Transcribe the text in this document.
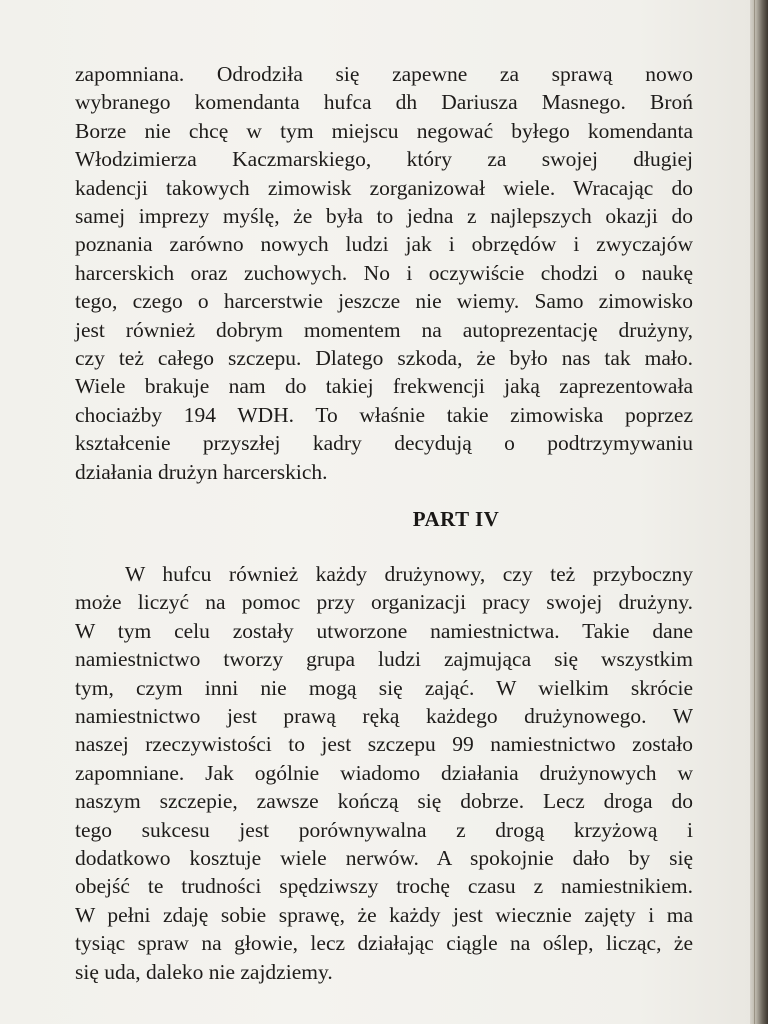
zapomniana. Odrodziła się zapewne za sprawą nowo
wybranego komendanta hufca dh Dariusza Masnego. Broń
Borze nie chcę w tym miejscu negować byłego komendanta
Włodzimierza Kaczmarskiego, który za swojej długiej
kadencji takowych zimowisk zorganizował wiele. Wracając do
samej imprezy myślę, że była to jedna z najlepszych okazji do
poznania zarówno nowych ludzi jak i obrzędów i zwyczajów
harcerskich oraz zuchowych. No i oczywiście chodzi o naukę
tego, czego o harcerstwie jeszcze nie wiemy. Samo zimowisko
jest również dobrym momentem na autoprezentację drużyny,
czy też całego szczepu. Dlatego szkoda, że było nas tak mało.
Wiele brakuje nam do takiej frekwencji jaką zaprezentowała
chociażby 194 WDH. To właśnie takie zimowiska poprzez
kształcenie przyszłej kadry decydują o podtrzymywaniu
działania drużyn harcerskich.
PART IV
W hufcu również każdy drużynowy, czy też przyboczny
może liczyć na pomoc przy organizacji pracy swojej drużyny.
W tym celu zostały utworzone namiestnictwa. Takie dane
namiestnictwo tworzy grupa ludzi zajmująca się wszystkim
tym, czym inni nie mogą się zająć. W wielkim skrócie
namiestnictwo jest prawą ręką każdego drużynowego. W
naszej rzeczywistości to jest szczepu 99 namiestnictwo zostało
zapomniane. Jak ogólnie wiadomo działania drużynowych w
naszym szczepie, zawsze kończą się dobrze. Lecz droga do
tego sukcesu jest porównywalna z drogą krzyżową i
dodatkowo kosztuje wiele nerwów. A spokojnie dało by się
obejść te trudności spędziwszy trochę czasu z namiestnikiem.
W pełni zdaję sobie sprawę, że każdy jest wiecznie zajęty i ma
tysiąc spraw na głowie, lecz działając ciągle na oślep, licząc, że
się uda, daleko nie zajdziemy.
